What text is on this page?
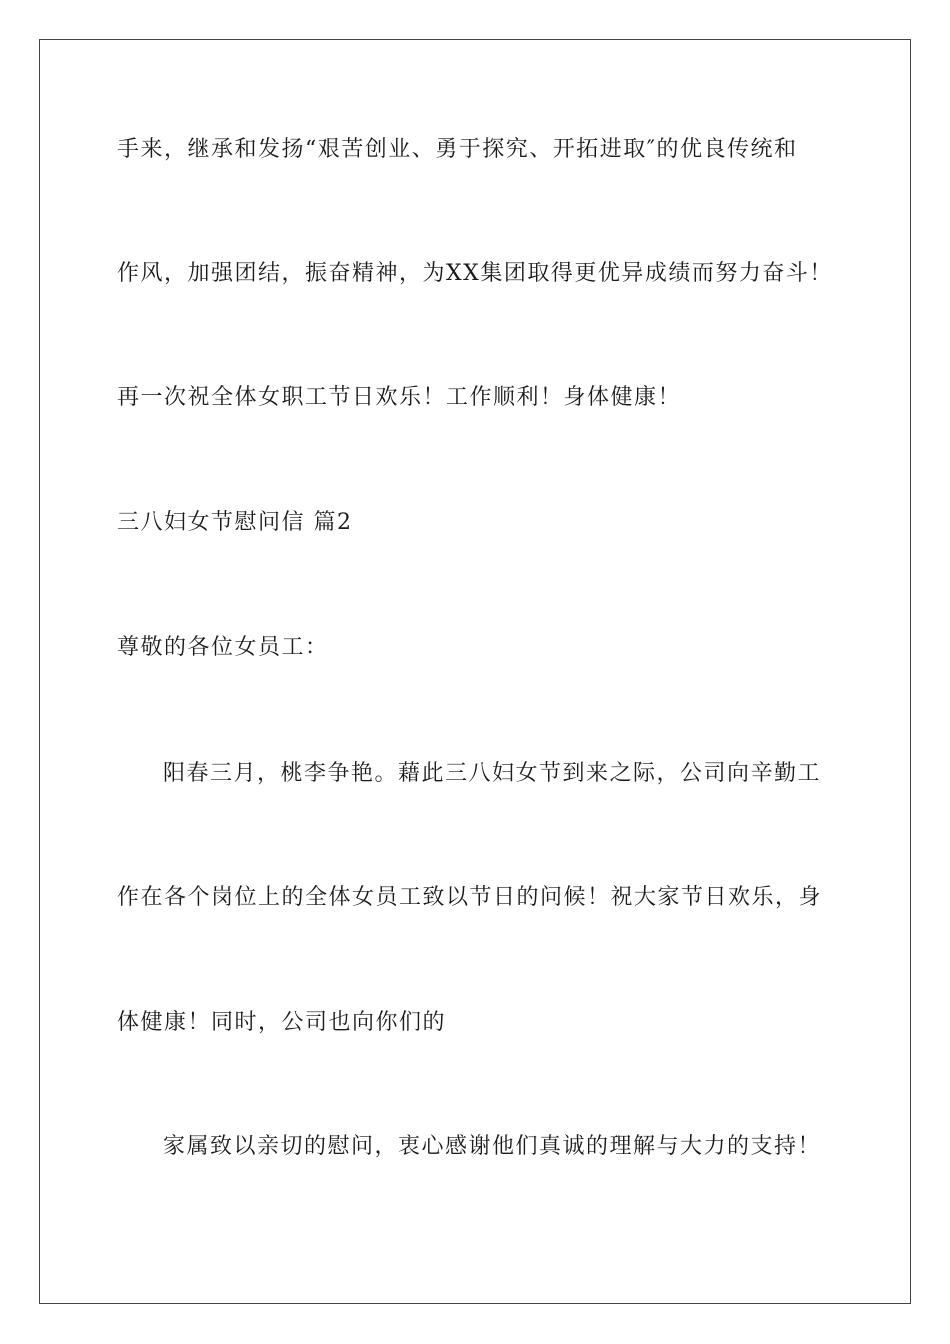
手来，继承和发扬“艰苦创业、勇于探究、开拓进取″的优良传统和
作风，加强团结，振奋精神，为XX集团取得更优异成绩而努力奋斗！
再一次祝全体女职工节日欢乐！工作顺利！身体健康！
三八妇女节慰问信 篇2
尊敬的各位女员工：
阳春三月，桃李争艳。藉此三八妇女节到来之际，公司向辛勤工
作在各个岗位上的全体女员工致以节日的问候！祝大家节日欢乐，身
体健康！同时，公司也向你们的
家属致以亲切的慰问，衷心感谢他们真诚的理解与大力的支持！
